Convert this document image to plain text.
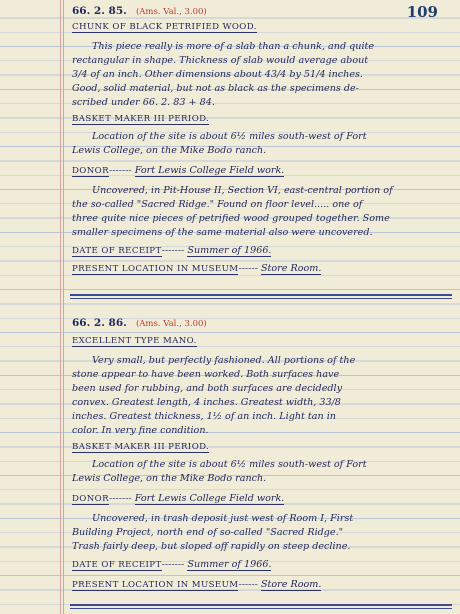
109
66. 2. 85. (Ams. Val., 3.00)
CHUNK OF BLACK PETRIFIED WOOD.
This piece really is more of a slab than a chunk, and quite
rectangular in shape. Thickness of slab would average about
3/4 of an inch. Other dimensions about 43/4 by 51/4 inches.
Good, solid material, but not as black as the specimens de-
scribed under 66. 2. 83 + 84.
BASKET MAKER III PERIOD.
Location of the site is about 6½ miles south-west of Fort
Lewis College, on the Mike Bodo ranch.
DONOR------- Fort Lewis College Field work.
Uncovered, in Pit-House II, Section VI, east-central portion of
the so-called "Sacred Ridge." Found on floor level..... one of
three quite nice pieces of petrified wood grouped together. Some
smaller specimens of the same material also were uncovered.
DATE OF RECEIPT------- Summer of 1966.
PRESENT LOCATION IN MUSEUM------ Store Room.
66. 2. 86. (Ams. Val., 3.00)
EXCELLENT TYPE MANO.
Very small, but perfectly fashioned. All portions of the
stone appear to have been worked. Both surfaces have
been used for rubbing, and both surfaces are decidedly
convex. Greatest length, 4 inches. Greatest width, 33/8
inches. Greatest thickness, 1½ of an inch. Light tan in
color. In very fine condition.
BASKET MAKER III PERIOD.
Location of the site is about 6½ miles south-west of Fort
Lewis College, on the Mike Bodo ranch.
DONOR------- Fort Lewis College Field work.
Uncovered, in trash deposit just west of Room I, First
Building Project, north end of so-called "Sacred Ridge."
Trash fairly deep, but sloped off rapidly on steep decline.
DATE OF RECEIPT------- Summer of 1966.
PRESENT LOCATION IN MUSEUM------ Store Room.
